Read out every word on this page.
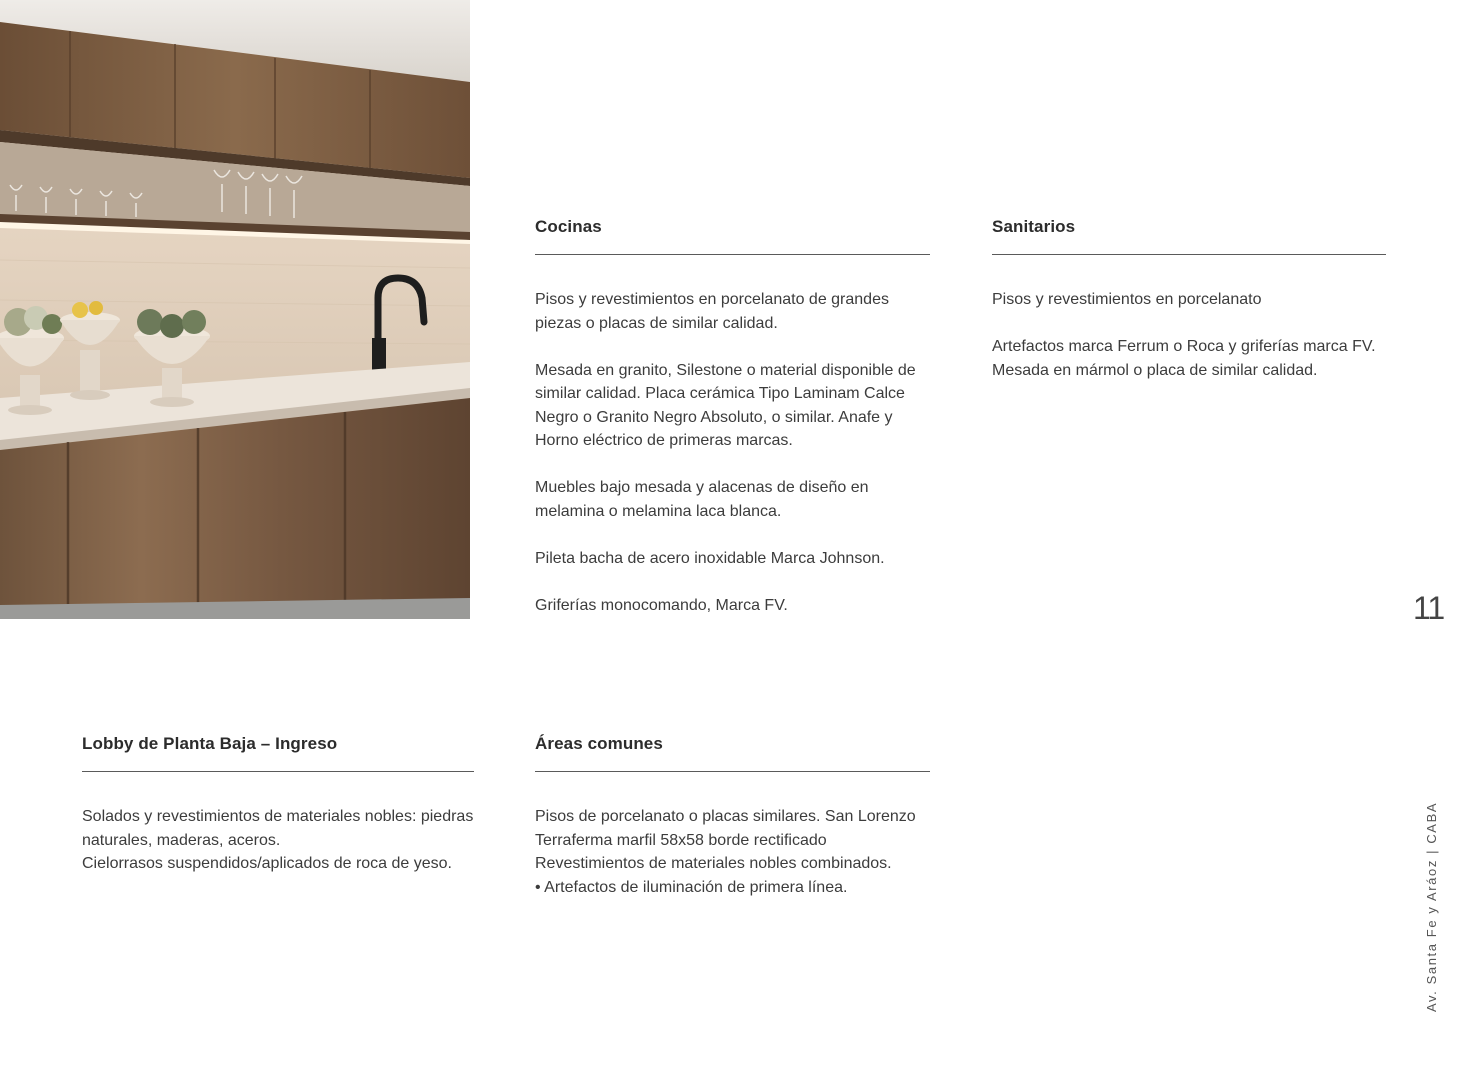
Cocinas

Pisos y revestimientos en porcelanato de grandes piezas o placas de similar calidad.

Mesada en granito, Silestone o material disponible de similar calidad. Placa cerámica Tipo Laminam Calce Negro o Granito Negro Absoluto, o similar. Anafe y Horno eléctrico de primeras marcas.

Muebles bajo mesada y alacenas de diseño en melamina o melamina laca blanca.

Pileta bacha de acero inoxidable Marca Johnson.

Griferías monocomando, Marca FV.

Sanitarios

Pisos y revestimientos en porcelanato

Artefactos marca Ferrum o Roca y griferías marca FV.

Mesada en mármol o placa de similar calidad.

Lobby de Planta Baja – Ingreso

Solados y revestimientos de materiales nobles: piedras naturales, maderas, aceros.

Cielorrasos suspendidos/aplicados de roca de yeso.

Áreas comunes

Pisos de porcelanato o placas similares. San Lorenzo Terraferma marfil 58x58 borde rectificado

Revestimientos de materiales nobles combinados.

• Artefactos de iluminación de primera línea.

11
Av. Santa Fe y Aráoz | CABA
